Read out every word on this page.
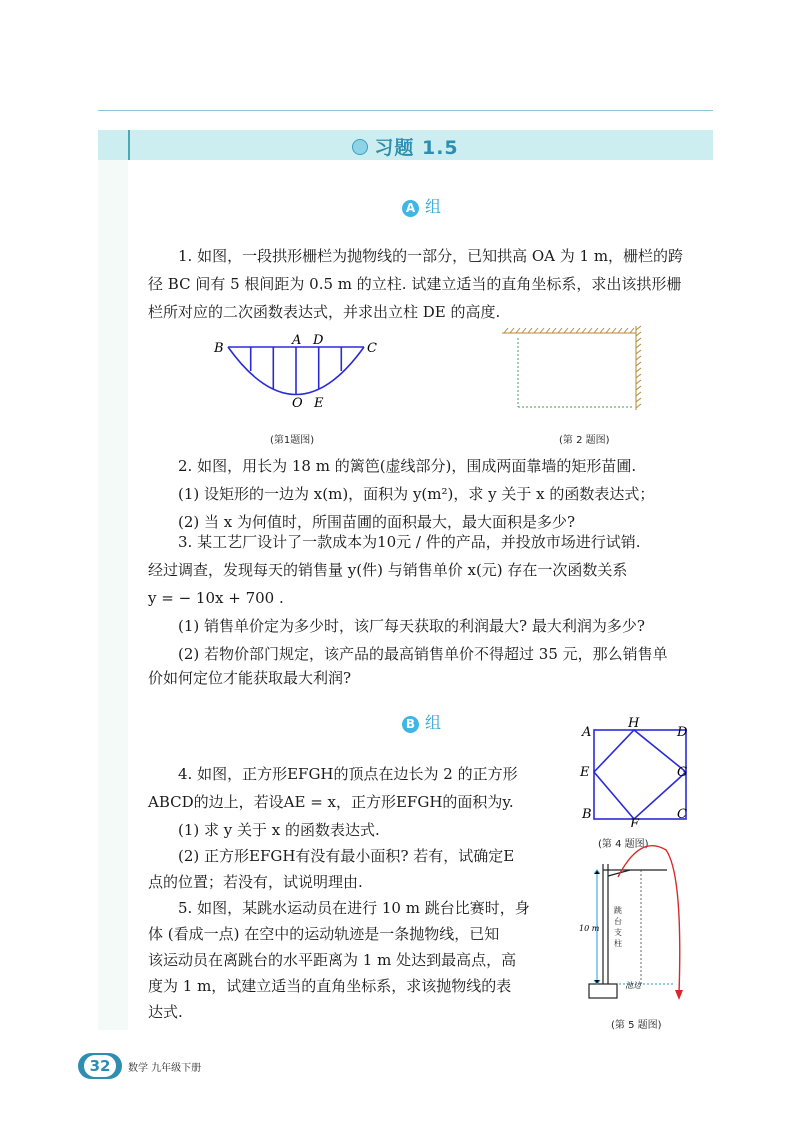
习题 1.5
A 组
1. 如图，一段拱形栅栏为抛物线的一部分，已知拱高 OA 为 1 m，栅栏的跨
径 BC 间有 5 根间距为 0.5 m 的立柱. 试建立适当的直角坐标系，求出该拱形栅
栏所对应的二次函数表达式，并求出立柱 DE 的高度.
B
A D
C
O E
(第1题图)	(第 2 题图)
2. 如图，用长为 18 m 的篱笆(虚线部分)，围成两面靠墙的矩形苗圃.
(1) 设矩形的一边为 x(m)，面积为 y(m²)，求 y 关于 x 的函数表达式；
(2) 当 x 为何值时，所围苗圃的面积最大，最大面积是多少?
3. 某工艺厂设计了一款成本为10元 / 件的产品，并投放市场进行试销.
经过调查，发现每天的销售量 y(件) 与销售单价 x(元) 存在一次函数关系
y = − 10x + 700 .
(1) 销售单价定为多少时，该厂每天获取的利润最大? 最大利润为多少?
(2) 若物价部门规定，该产品的最高销售单价不得超过 35 元，那么销售单
价如何定位才能获取最大利润?
B 组
A
H
D
E	G
B
F
C
(第 4 题图)
4. 如图，正方形EFGH的顶点在边长为 2 的正方形
ABCD的边上，若设AE = x，正方形EFGH的面积为y.
(1) 求 y 关于 x 的函数表达式.
(2) 正方形EFGH有没有最小面积? 若有，试确定E
点的位置；若没有，试说明理由.
5. 如图，某跳水运动员在进行 10 m 跳台比赛时，身
体 (看成一点) 在空中的运动轨迹是一条抛物线，已知
该运动员在离跳台的水平距离为 1 m 处达到最高点，高
度为 1 m，试建立适当的直角坐标系，求该抛物线的表
达式.
10 m
池边
跳台支柱
(第 5 题图)
32	数学 九年级下册
